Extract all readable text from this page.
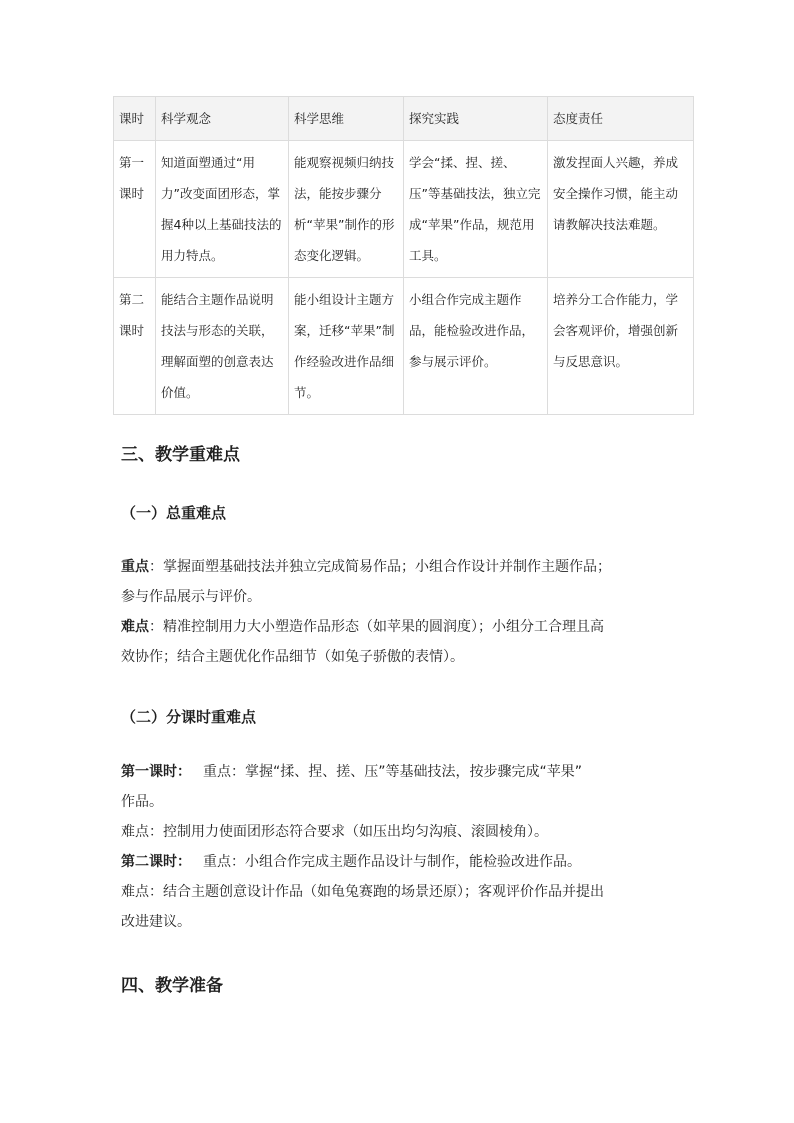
课时	科学观念	科学思维	探究实践	态度责任
第一课时	知道面塑通过“用力”改变面团形态，掌握4种以上基础技法的用力特点。	能观察视频归纳技法，能按步骤分析“苹果”制作的形态变化逻辑。	学会“揉、捏、搓、压”等基础技法，独立完成“苹果”作品，规范用工具。	激发捏面人兴趣，养成安全操作习惯，能主动请教解决技法难题。
第二课时	能结合主题作品说明技法与形态的关联，理解面塑的创意表达价值。	能小组设计主题方案，迁移“苹果”制作经验改进作品细节。	小组合作完成主题作品，能检验改进作品，参与展示评价。	培养分工合作能力，学会客观评价，增强创新与反思意识。
三、教学重难点
（一）总重难点
重点：掌握面塑基础技法并独立完成简易作品；小组合作设计并制作主题作品；
参与作品展示与评价。
难点：精准控制用力大小塑造作品形态（如苹果的圆润度）；小组分工合理且高
效协作；结合主题优化作品细节（如兔子骄傲的表情）。
（二）分课时重难点
第一课时： 重点：掌握“揉、捏、搓、压”等基础技法，按步骤完成“苹果”
作品。
难点：控制用力使面团形态符合要求（如压出均匀沟痕、滚圆棱角）。
第二课时： 重点：小组合作完成主题作品设计与制作，能检验改进作品。
难点：结合主题创意设计作品（如龟兔赛跑的场景还原）；客观评价作品并提出
改进建议。
四、教学准备
